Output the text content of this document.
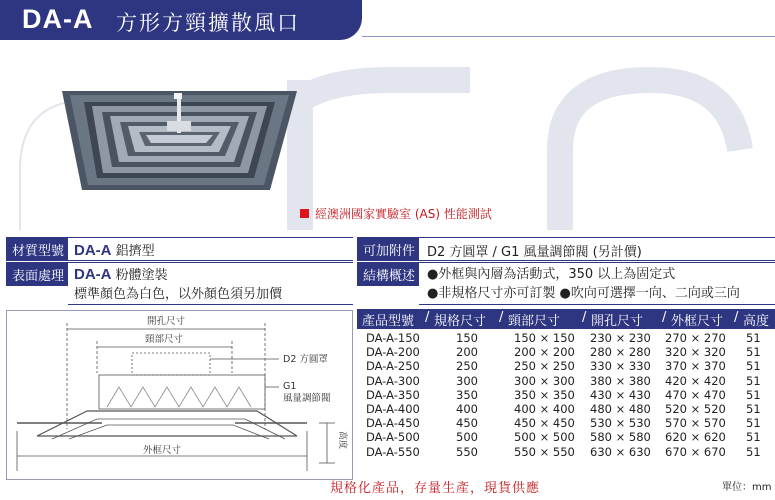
DA-A 方形方頸擴散風口
經澳洲國家實驗室 (AS) 性能測試
材質型號 DA-A 鋁擠型
表面處理 DA-A 粉體塗裝
標準顏色為白色，以外顏色須另加價
可加附件 D2 方圓罩 / G1 風量調節閥 (另計價)
結構概述 ●外框與內層為活動式，350 以上為固定式
●非規格尺寸亦可訂製 ●吹向可選擇一向、二向或三向
開孔尺寸
頸部尺寸
D2 方圓罩
G1
風量調節閥
外框尺寸
高度
產品型號 / 規格尺寸 / 頸部尺寸 / 開孔尺寸 / 外框尺寸 / 高度
DA-A-150	150	150 × 150 230 × 230 270 × 270 51
DA-A-200	200	200 × 200 280 × 280 320 × 320 51
DA-A-250	250	250 × 250 330 × 330 370 × 370 51
DA-A-300	300	300 × 300 380 × 380 420 × 420 51
DA-A-350	350	350 × 350 430 × 430 470 × 470 51
DA-A-400	400	400 × 400 480 × 480 520 × 520 51
DA-A-450	450	450 × 450 530 × 530 570 × 570 51
DA-A-500	500	500 × 500 580 × 580 620 × 620 51
DA-A-550	550	550 × 550 630 × 630 670 × 670 51
規格化產品，存量生產，現貨供應	單位：mm
